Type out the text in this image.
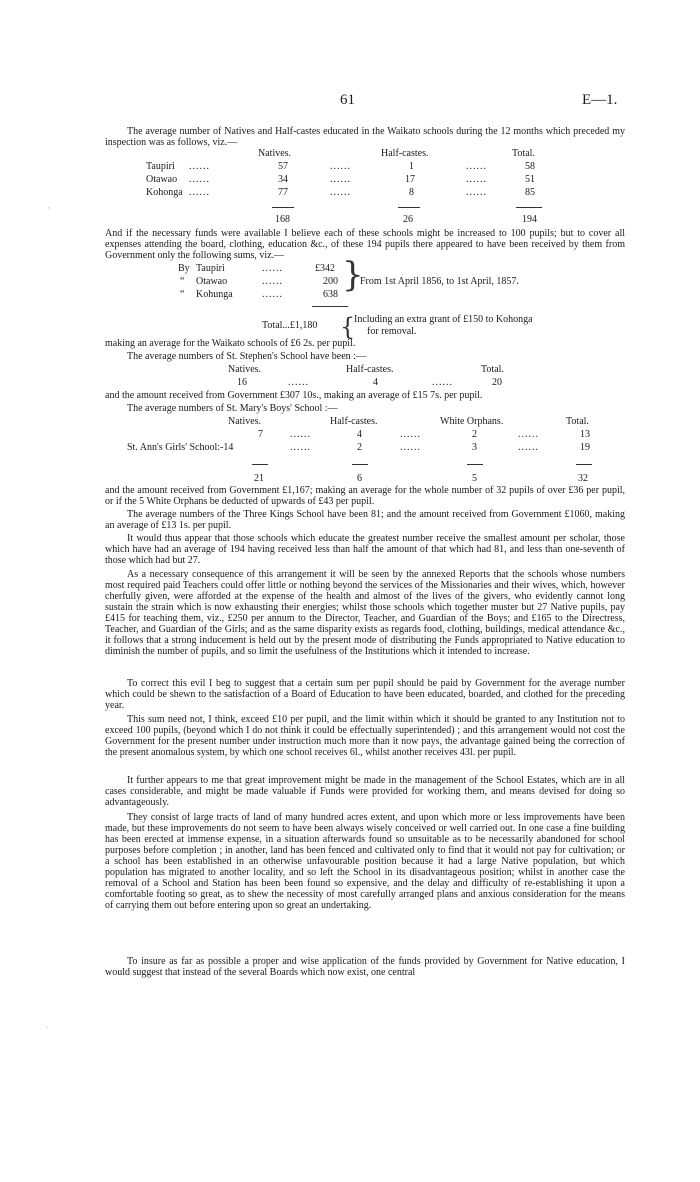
61	E—1.
,
.
The average number of Natives and Half-castes educated in the Waikato schools during the 12 months which preceded my inspection was as follows, viz.—
Natives.	Half-castes.	Total.
Taupiri ......	57	......	1	......	58
Otawao ......	34	......	17	......	51
Kohonga ......	77	......	8	......	85
168	26	194
And if the necessary funds were available I believe each of these schools might be increased to 100 pupils; but to cover all expenses attending the board, clothing, education &c., of these 194 pupils there appeared to have been received by them from Government only the following sums, viz.—
By Taupiri	......	£342
“ Otawao	......	200
“ Kohunga	......	638 }
From 1st April 1856, to 1st April, 1857.
Total...£1,180 {
Including an extra grant of £150 to Kohonga
for removal.
making an average for the Waikato schools of £6 2s. per pupil.
The average numbers of St. Stephen's School have been :—
Natives.	Half-castes.	Total.
16	......	4	......	20
and the amount received from Government £307 10s., making an average of £15 7s. per pupil.
The average numbers of St. Mary's Boys' School :—
Natives.	Half-castes.	White Orphans.	Total.
7	......	4	......	2	......	13
St. Ann's Girls' School:-14	......	2	......	3	......	19
21	6	5	32
and the amount received from Government £1,167; making an average for the whole number of 32 pupils of over £36 per pupil, or if the 5 White Orphans be deducted of upwards of £43 per pupil.
The average numbers of the Three Kings School have been 81; and the amount received from Government £1060, making an average of £13 1s. per pupil.
It would thus appear that those schools which educate the greatest number receive the smallest amount per scholar, those which have had an average of 194 having received less than half the amount of that which had 81, and less than one-seventh of those which had but 27.
As a necessary consequence of this arrangement it will be seen by the annexed Reports that the schools whose numbers most required paid Teachers could offer little or nothing beyond the services of the Missionaries and their wives, which, however cherfully given, were afforded at the expense of the health and almost of the lives of the givers, who evidently cannot long sustain the strain which is now exhausting their energies; whilst those schools which together muster but 27 Native pupils, pay £415 for teaching them, viz., £250 per annum to the Director, Teacher, and Guardian of the Boys; and £165 to the Directress, Teacher, and Guardian of the Girls; and as the same disparity exists as regards food, clothing, buildings, medical attendance &c., it follows that a strong inducement is held out by the present mode of distributing the Funds appropriated to Native education to diminish the number of pupils, and so limit the usefulness of the Institutions which it intended to increase.
To correct this evil I beg to suggest that a certain sum per pupil should be paid by Government for the average number which could be shewn to the satisfaction of a Board of Education to have been educated, boarded, and clothed for the preceding year.
This sum need not, I think, exceed £10 per pupil, and the limit within which it should be granted to any Institution not to exceed 100 pupils, (beyond which I do not think it could be effectually superintended) ; and this arrangement would not cost the Government for the present number under instruction much more than it now pays, the advantage gained being the correction of the present anomalous system, by which one school receives 6l., whilst another receives 43l. per pupil.
It further appears to me that great improvement might be made in the management of the School Estates, which are in all cases considerable, and might be made valuable if Funds were provided for working them, and means devised for doing so advantageously.
They consist of large tracts of land of many hundred acres extent, and upon which more or less improvements have been made, but these improvements do not seem to have been always wisely conceived or well carried out. In one case a fine building has been erected at immense expense, in a situation afterwards found so unsuitable as to be necessarily abandoned for school purposes before completion ; in another, land has been fenced and cultivated only to find that it would not pay for cultivation; or a school has been established in an otherwise unfavourable position because it had a large Native population, but which population has migrated to another locality, and so left the School in its disadvantageous position; whilst in another case the removal of a School and Station has been been found so expensive, and the delay and difficulty of re-establishing it upon a comfortable footing so great, as to shew the necessity of most carefully arranged plans and anxious consideration for the means of carrying them out before entering upon so great an undertaking.
To insure as far as possible a proper and wise application of the funds provided by Government for Native education, I would suggest that instead of the several Boards which now exist, one central
